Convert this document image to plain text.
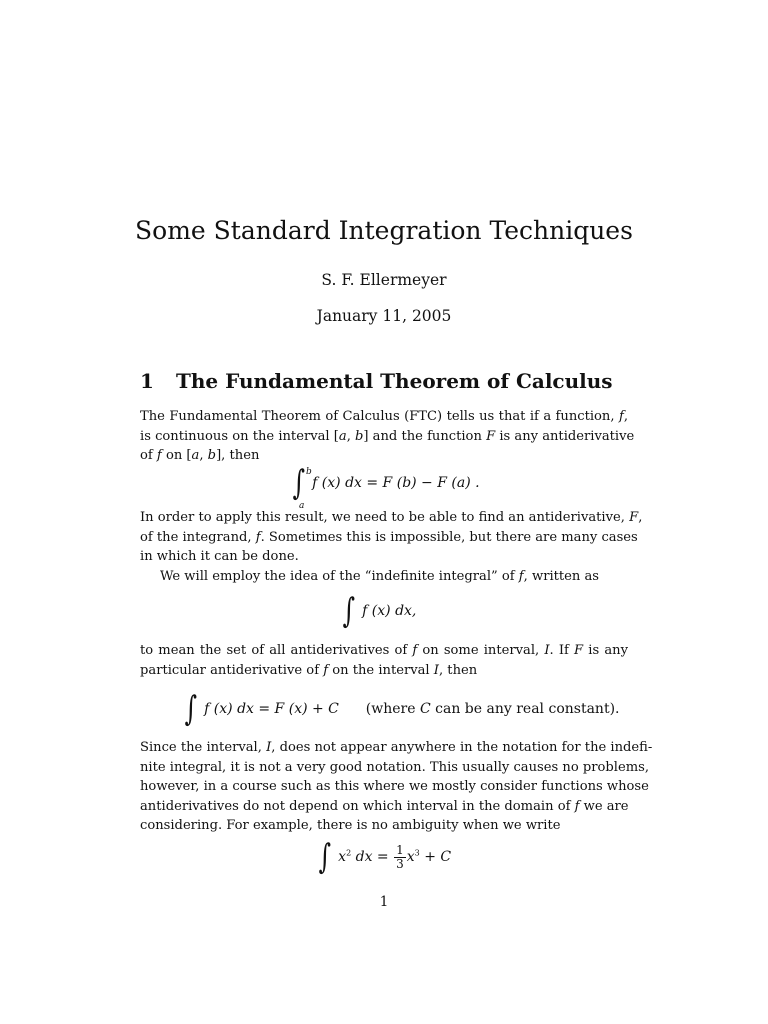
Some Standard Integration Techniques
S. F. Ellermeyer
January 11, 2005
1 The Fundamental Theorem of Calculus
The Fundamental Theorem of Calculus (FTC) tells us that if a function, f,
is continuous on the interval [a, b] and the function F is any antiderivative
of f on [a, b], then
∫ b
a
f (x) dx = F (b) − F (a) .
In order to apply this result, we need to be able to find an antiderivative, F,
of the integrand, f. Sometimes this is impossible, but there are many cases
in which it can be done.
We will employ the idea of the “indefinite integral” of f, written as
∫ f (x) dx,
to mean the set of all antiderivatives of f on some interval, I. If F is any
particular antiderivative of f on the interval I, then
∫ f (x) dx = F (x) + C (where C can be any real constant).
Since the interval, I, does not appear anywhere in the notation for the indefi-
nite integral, it is not a very good notation. This usually causes no problems,
however, in a course such as this where we mostly consider functions whose
antiderivatives do not depend on which interval in the domain of f we are
considering. For example, there is no ambiguity when we write
∫ $x^2$ dx = $\frac{1}{3} x^3 + C$
1
